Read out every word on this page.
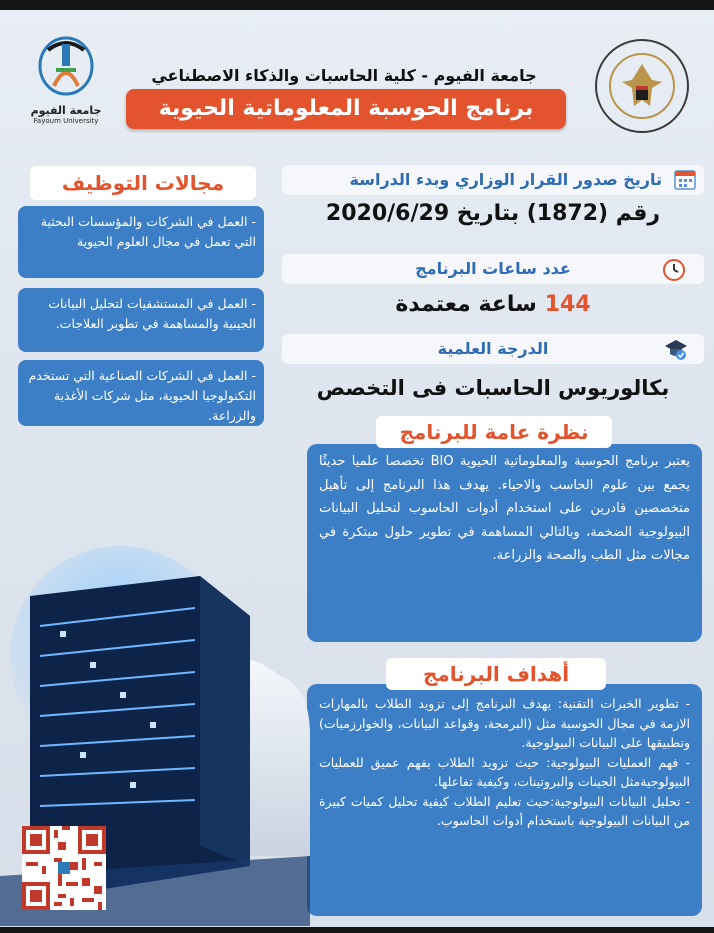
جامعة الفيوم
Fayoum University
جامعة الفيوم - كلية الحاسبات والذكاء الاصطناعي
برنامج الحوسبة المعلوماتية الحيوية
مجالات التوظيف
- العمل في الشركات والمؤسسات البحثية التي تعمل في مجال العلوم الحيوية
- العمل في المستشفيات لتحليل البيانات الجينية والمساهمة في تطوير العلاجات.
- العمل في الشركات الصناعية التي تستخدم التكنولوجيا الحيوية، مثل شركات الأغذية والزراعة.
تاريخ صدور القرار الوزاري وبدء الدراسة
رقم (1872) بتاريخ 2020/6/29
عدد ساعات البرنامج
144ساعة معتمدة
الدرجة العلمية
بكالوريوس الحاسبات فى التخصص
يعتبر برنامج الحوسبة والمعلوماتية الحيوية BIO تخصصا علميا حديثًا يجمع بين علوم الحاسب والاحياء. يهدف هذا البرنامج إلى تأهيل متخصصين قادرين على استخدام أدوات الحاسوب لتحليل البيانات البيولوجية الضخمة، وبالتالي المساهمة في تطوير حلول مبتكرة في مجالات مثل الطب والصحة والزراعة.
نظرة عامة للبرنامج

- تطوير الخبرات التقنية: يهدف البرنامج إلى تزويد الطلاب بالمهارات الازمة في مجال الحوسبة مثل (البرمجة، وقواعد البيانات، والخوارزميات) وتطبيقها على البيانات البيولوجية.

- فهم العمليات البيولوجية: حيث تزويد الطلاب بفهم عميق للعمليات البيولوجيةمثل الجينات والبروتينات، وكيفية تفاعلها.

- تحليل البيانات البيولوجية:حيث تعليم الطلاب كيفية تحليل كميات كبيرة من البيانات البيولوجية باستخدام أدوات الحاسوب.

أهداف البرنامج
